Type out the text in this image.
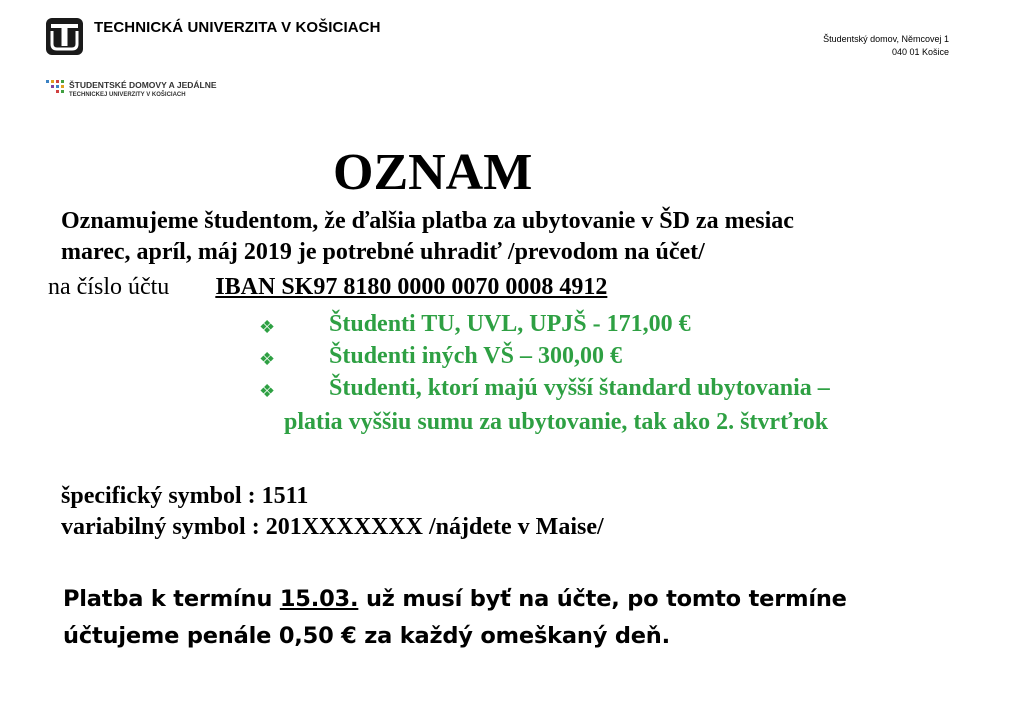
TECHNICKÁ UNIVERZITA V KOŠICIACH
Študentský domov, Němcovej 1
040 01 Košice
ŠTUDENTSKÉ DOMOVY A JEDÁLNE
TECHNICKEJ UNIVERZITY V KOŠICIACH
OZNAM
Oznamujeme študentom, že ďalšia platba za ubytovanie v ŠD za mesiac
marec, apríl, máj 2019 je potrebné uhradiť /prevodom na účet/
na číslo účtu IBAN SK97 8180 0000 0070 0008 4912
❖ Študenti TU, UVL, UPJŠ - 171,00 €
❖ Študenti iných VŠ – 300,00 €
❖ Študenti, ktorí majú vyšší štandard ubytovania –
platia vyššiu sumu za ubytovanie, tak ako 2. štvrťrok
špecifický symbol : 1511
variabilný symbol : 201XXXXXXX /nájdete v Maise/
Platba k termínu 15.03. už musí byť na účte, po tomto termíne
účtujeme penále 0,50 € za každý omeškaný deň.
